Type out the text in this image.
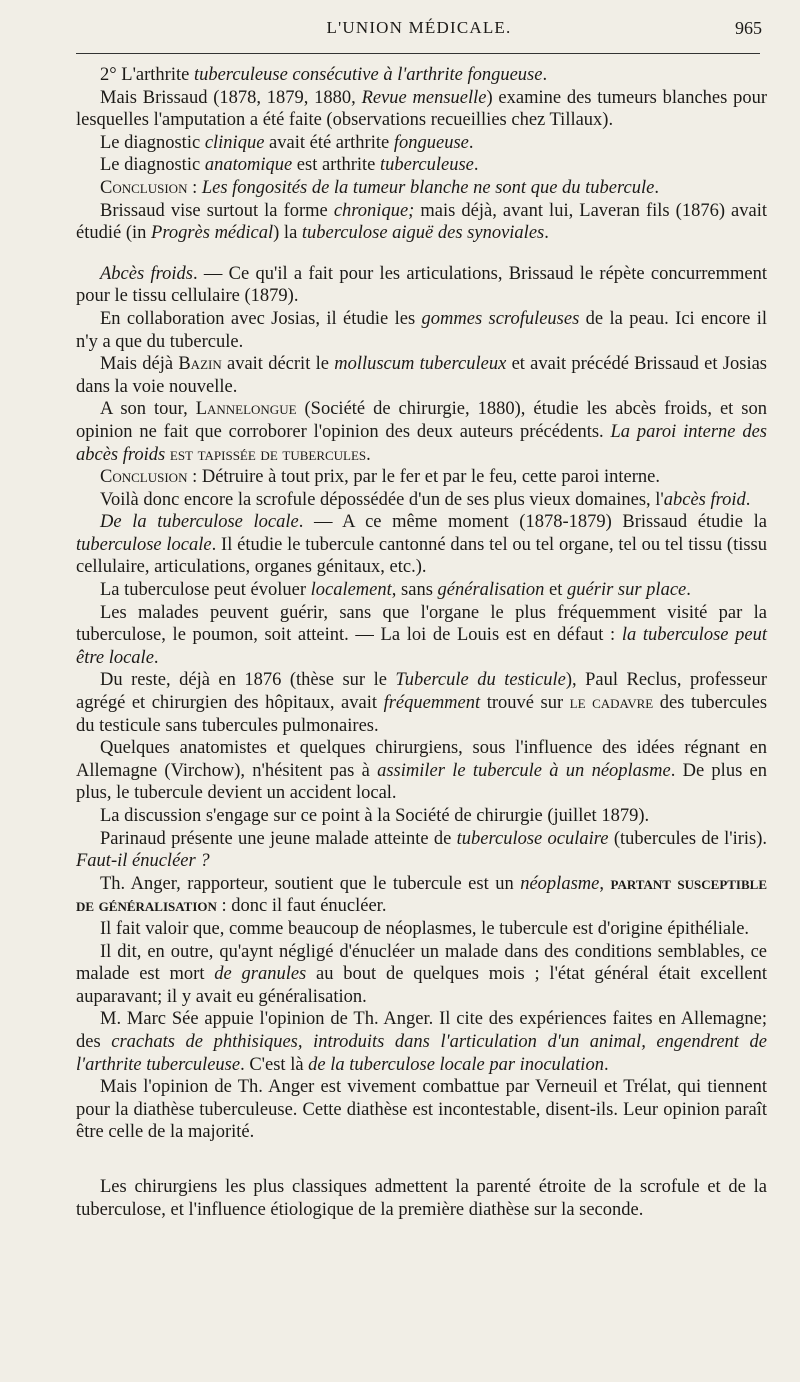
L'UNION MÉDICALE.	965

2° L'arthrite tuberculeuse consécutive à l'arthrite fongueuse.

Mais Brissaud (1878, 1879, 1880, Revue mensuelle) examine des tumeurs blanches pour lesquelles l'amputation a été faite (observations recueillies chez Tillaux).

Le diagnostic clinique avait été arthrite fongueuse.

Le diagnostic anatomique est arthrite tuberculeuse.

Conclusion : Les fongosités de la tumeur blanche ne sont que du tubercule.

Brissaud vise surtout la forme chronique; mais déjà, avant lui, Laveran fils (1876) avait étudié (in Progrès médical) la tuberculose aiguë des synoviales.

Abcès froids. — Ce qu'il a fait pour les articulations, Brissaud le répète concurremment pour le tissu cellulaire (1879).

En collaboration avec Josias, il étudie les gommes scrofuleuses de la peau. Ici encore il n'y a que du tubercule.

Mais déjà Bazin avait décrit le molluscum tuberculeux et avait précédé Brissaud et Josias dans la voie nouvelle.

A son tour, Lannelongue (Société de chirurgie, 1880), étudie les abcès froids, et son opinion ne fait que corroborer l'opinion des deux auteurs précédents. La paroi interne des abcès froids est tapissée de tubercules.

Conclusion : Détruire à tout prix, par le fer et par le feu, cette paroi interne.

Voilà donc encore la scrofule dépossédée d'un de ses plus vieux domaines, l'abcès froid.

De la tuberculose locale. — A ce même moment (1878-1879) Brissaud étudie la tuberculose locale. Il étudie le tubercule cantonné dans tel ou tel organe, tel ou tel tissu (tissu cellulaire, articulations, organes génitaux, etc.).

La tuberculose peut évoluer localement, sans généralisation et guérir sur place.

Les malades peuvent guérir, sans que l'organe le plus fréquemment visité par la tuberculose, le poumon, soit atteint. — La loi de Louis est en défaut : la tuberculose peut être locale.

Du reste, déjà en 1876 (thèse sur le Tubercule du testicule), Paul Reclus, professeur agrégé et chirurgien des hôpitaux, avait fréquemment trouvé sur le cadavre des tubercules du testicule sans tubercules pulmonaires.

Quelques anatomistes et quelques chirurgiens, sous l'influence des idées régnant en Allemagne (Virchow), n'hésitent pas à assimiler le tubercule à un néoplasme. De plus en plus, le tubercule devient un accident local.

La discussion s'engage sur ce point à la Société de chirurgie (juillet 1879).

Parinaud présente une jeune malade atteinte de tuberculose oculaire (tubercules de l'iris). Faut-il énucléer ?

Th. Anger, rapporteur, soutient que le tubercule est un néoplasme, partant susceptible de généralisation : donc il faut énucléer.

Il fait valoir que, comme beaucoup de néoplasmes, le tubercule est d'origine épithéliale.

Il dit, en outre, qu'aynt négligé d'énucléer un malade dans des conditions semblables, ce malade est mort de granules au bout de quelques mois ; l'état général était excellent auparavant; il y avait eu généralisation.

M. Marc Sée appuie l'opinion de Th. Anger. Il cite des expériences faites en Allemagne; des crachats de phthisiques, introduits dans l'articulation d'un animal, engendrent de l'arthrite tuberculeuse. C'est là de la tuberculose locale par inoculation.

Mais l'opinion de Th. Anger est vivement combattue par Verneuil et Trélat, qui tiennent pour la diathèse tuberculeuse. Cette diathèse est incontestable, disent-ils. Leur opinion paraît être celle de la majorité.

Les chirurgiens les plus classiques admettent la parenté étroite de la scrofule et de la tuberculose, et l'influence étiologique de la première diathèse sur la seconde.
